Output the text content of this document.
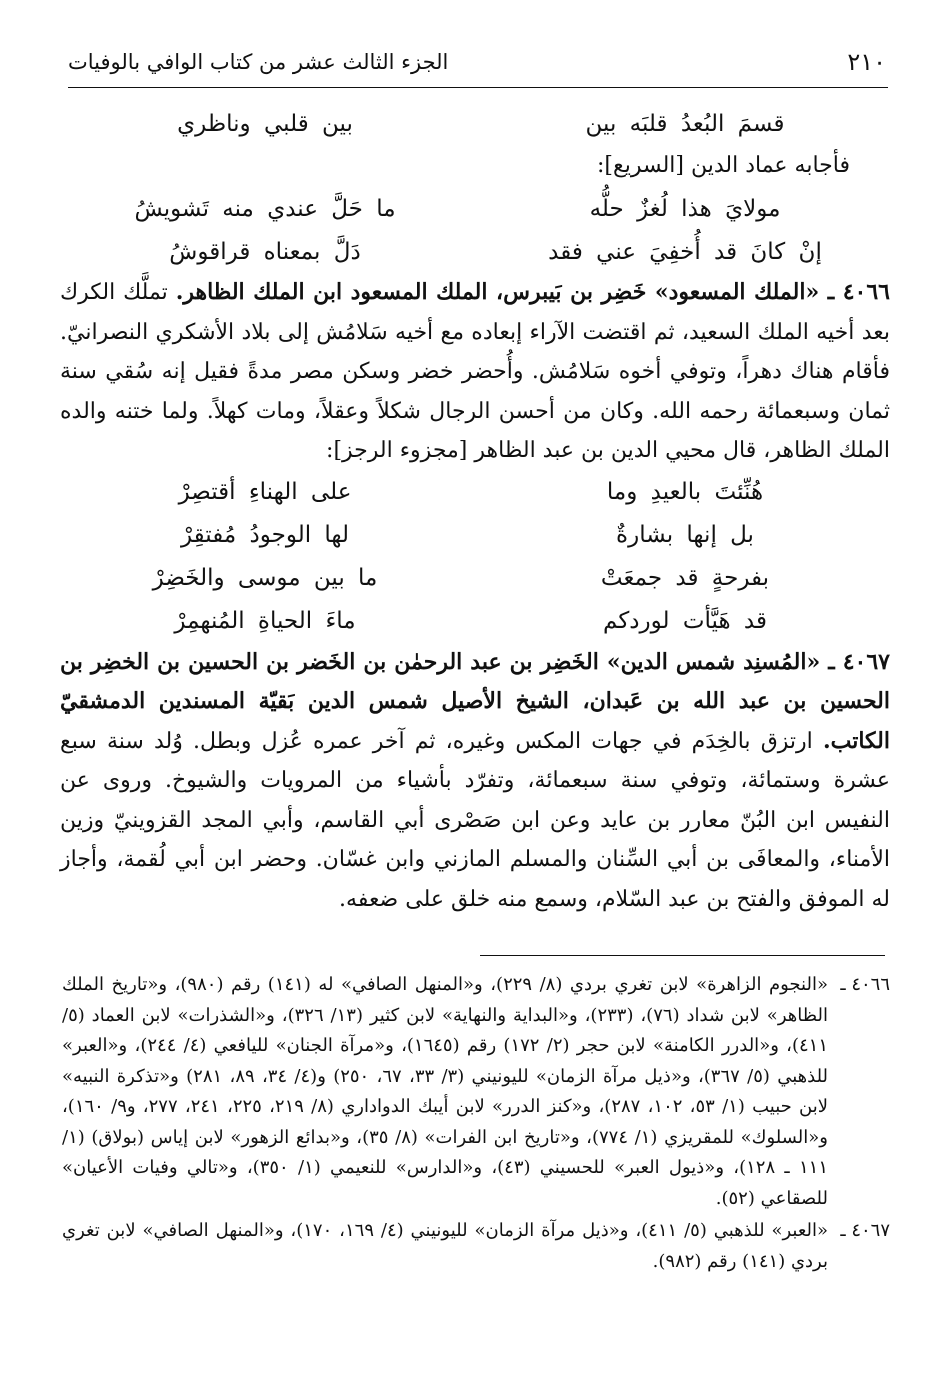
٢١٠
الجزء الثالث عشر من كتاب الوافي بالوفيات
قسمَ البُعدُ قلبَه بين
بين قلبي وناظري
فأجابه عماد الدين [السريع]:
مولايَ هذا لُغزٌ حلُّه
ما حَلَّ عندي منه تَشويشُ
إنْ كانَ قد أُخفِيَ عني فقد
دَلَّ بمعناه قراقوشُ
٤٠٦٦ ـ «الملك المسعود» خَضِر بن بَيبرس، الملك المسعود ابن الملك الظاهر. تملَّك الكرك بعد أخيه الملك السعيد، ثم اقتضت الآراء إبعاده مع أخيه سَلامُش إلى بلاد الأشكري النصرانيّ. فأقام هناك دهراً، وتوفي أخوه سَلامُش. وأُحضر خضر وسكن مصر مدةً فقيل إنه سُقي سنة ثمان وسبعمائة رحمه الله. وكان من أحسن الرجال شكلاً وعقلاً، ومات كهلاً. ولما ختنه والده الملك الظاهر، قال محيي الدين بن عبد الظاهر [مجزوء الرجز]:
هُنِّئتَ بالعيدِ وما
على الهناءِ أقتصِرْ
بل إنها بشارةٌ
لها الوجودُ مُفتقِرْ
بفرحةٍ قد جمعَتْ
ما بين موسى والخَضِرْ
قد هَيَّأت لوردكم
ماءَ الحياةِ المُنهمِرْ
٤٠٦٧ ـ «المُسنِد شمس الدين» الخَضِر بن عبد الرحمٰن بن الخَضر بن الحسين بن الخضِر بن الحسين بن عبد الله بن عَبدان، الشيخ الأصيل شمس الدين بَقيّة المسندين الدمشقيّ الكاتب. ارتزق بالخِدَم في جهات المكس وغيره، ثم آخر عمره عُزل وبطل. وُلد سنة سبع عشرة وستمائة، وتوفي سنة سبعمائة، وتفرّد بأشياء من المرويات والشيوخ. وروى عن النفيس ابن البُنّ معارر بن عايد وعن ابن صَصْرى أبي القاسم، وأبي المجد القزوينيّ وزين الأمناء، والمعافَى بن أبي السِّنان والمسلم المازني وابن غسّان. وحضر ابن أبي لُقمة، وأجاز له الموفق والفتح بن عبد السّلام، وسمع منه خلق على ضعفه.
٤٠٦٦ ـ
«النجوم الزاهرة» لابن تغري بردي (٨/ ٢٢٩)، و«المنهل الصافي» له (١٤١) رقم (٩٨٠)، و«تاريخ الملك الظاهر» لابن شداد (٧٦)، (٢٣٣)، و«البداية والنهاية» لابن كثير (١٣/ ٣٢٦)، و«الشذرات» لابن العماد (٥/ ٤١١)، و«الدرر الكامنة» لابن حجر (٢/ ١٧٢) رقم (١٦٤٥)، و«مرآة الجنان» لليافعي (٤/ ٢٤٤)، و«العبر» للذهبي (٥/ ٣٦٧)، و«ذيل مرآة الزمان» لليونيني (٣/ ٣٣، ٦٧، ٢٥٠) و(٤/ ٣٤، ٨٩، ٢٨١) و«تذكرة النبيه» لابن حبيب (١/ ٥٣، ١٠٢، ٢٨٧)، و«كنز الدرر» لابن أيبك الدواداري (٨/ ٢١٩، ٢٢٥، ٢٤١، ٢٧٧، و٩/ ١٦٠)، و«السلوك» للمقريزي (١/ ٧٧٤)، و«تاريخ ابن الفرات» (٨/ ٣٥)، و«بدائع الزهور» لابن إياس (بولاق) (١/ ١١١ ـ ١٢٨)، و«ذيول العبر» للحسيني (٤٣)، و«الدارس» للنعيمي (١/ ٣٥٠)، و«تالي وفيات الأعيان» للصقاعي (٥٢).
٤٠٦٧ ـ
«العبر» للذهبي (٥/ ٤١١)، و«ذيل مرآة الزمان» لليونيني (٤/ ١٦٩، ١٧٠)، و«المنهل الصافي» لابن تغري بردي (١٤١) رقم (٩٨٢).
